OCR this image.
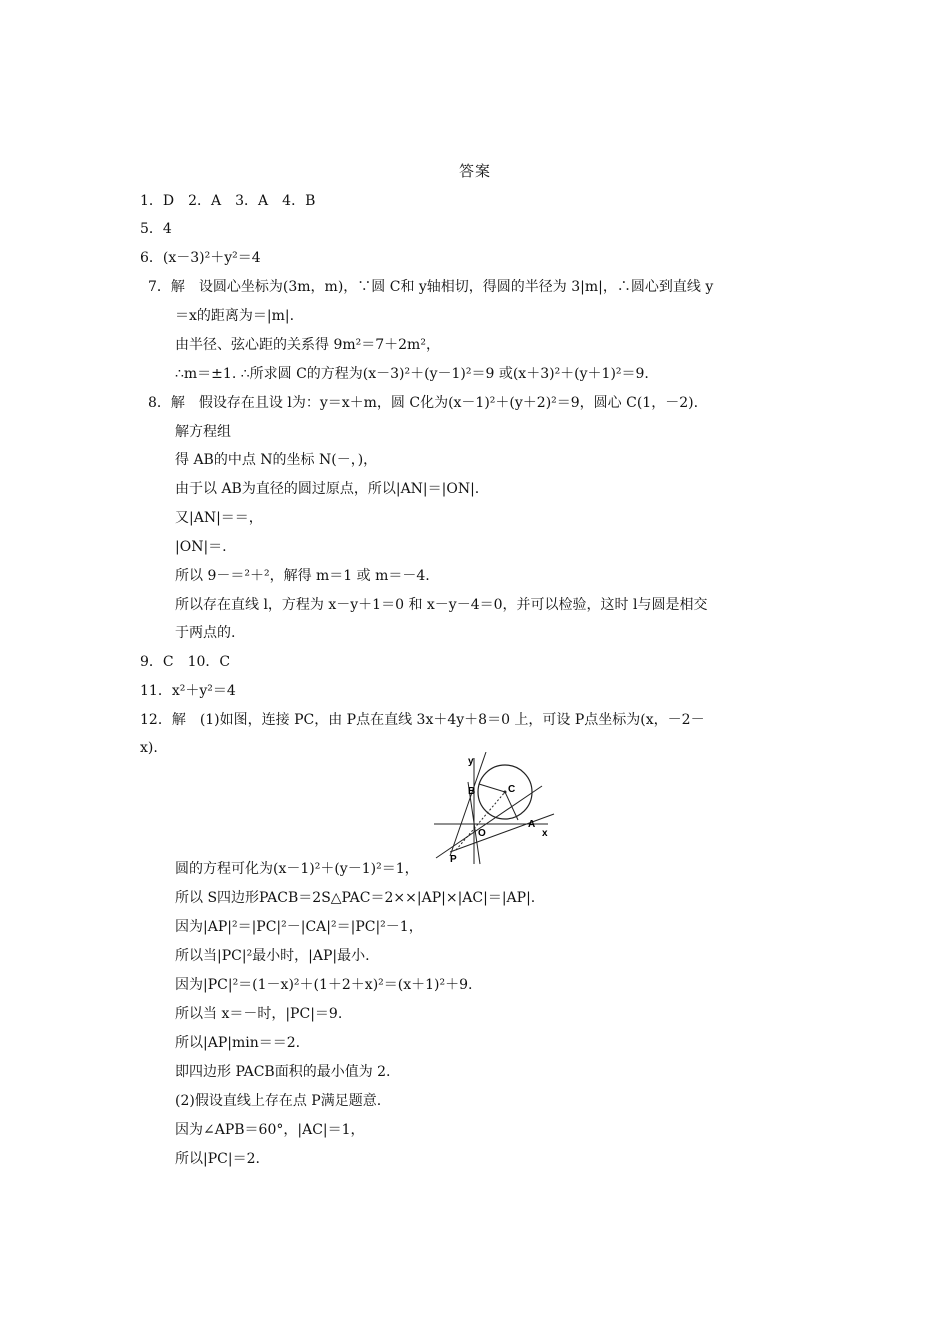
答案
1．D　2．A　3．A　4．B
5．4
6．(x－3)²＋y²＝4
7．解　设圆心坐标为(3m，m)，∵圆 C和 y轴相切，得圆的半径为 3|m|，∴圆心到直线 y
＝x的距离为＝|m|.
由半径、弦心距的关系得 9m²＝7＋2m²，
∴m＝±1. ∴所求圆 C的方程为(x－3)²＋(y－1)²＝9 或(x＋3)²＋(y＋1)²＝9.
8．解　假设存在且设 l为：y＝x＋m，圆 C化为(x－1)²＋(y＋2)²＝9，圆心 C(1，－2).
解方程组
得 AB的中点 N的坐标 N(－，)，
由于以 AB为直径的圆过原点，所以|AN|＝|ON|.
又|AN|＝＝，
|ON|＝.
所以 9－＝²＋²，解得 m＝1 或 m＝－4.
所以存在直线 l，方程为 x－y＋1＝0 和 x－y－4＝0，并可以检验，这时 l与圆是相交
于两点的.
9．C　10．C
11．x²＋y²＝4
12．解　(1)如图，连接 PC，由 P点在直线 3x＋4y＋8＝0 上，可设 P点坐标为(x，－2－
x).
y
x
B	C
O
A
P
圆的方程可化为(x－1)²＋(y－1)²＝1，
所以 S四边形PACB＝2S△PAC＝2××|AP|×|AC|＝|AP|.
因为|AP|²＝|PC|²－|CA|²＝|PC|²－1，
所以当|PC|²最小时，|AP|最小.
因为|PC|²＝(1－x)²＋(1＋2＋x)²＝(x＋1)²＋9.
所以当 x＝－时，|PC|＝9.
所以|AP|min＝＝2.
即四边形 PACB面积的最小值为 2.
(2)假设直线上存在点 P满足题意.
因为∠APB＝60°，|AC|＝1，
所以|PC|＝2.
